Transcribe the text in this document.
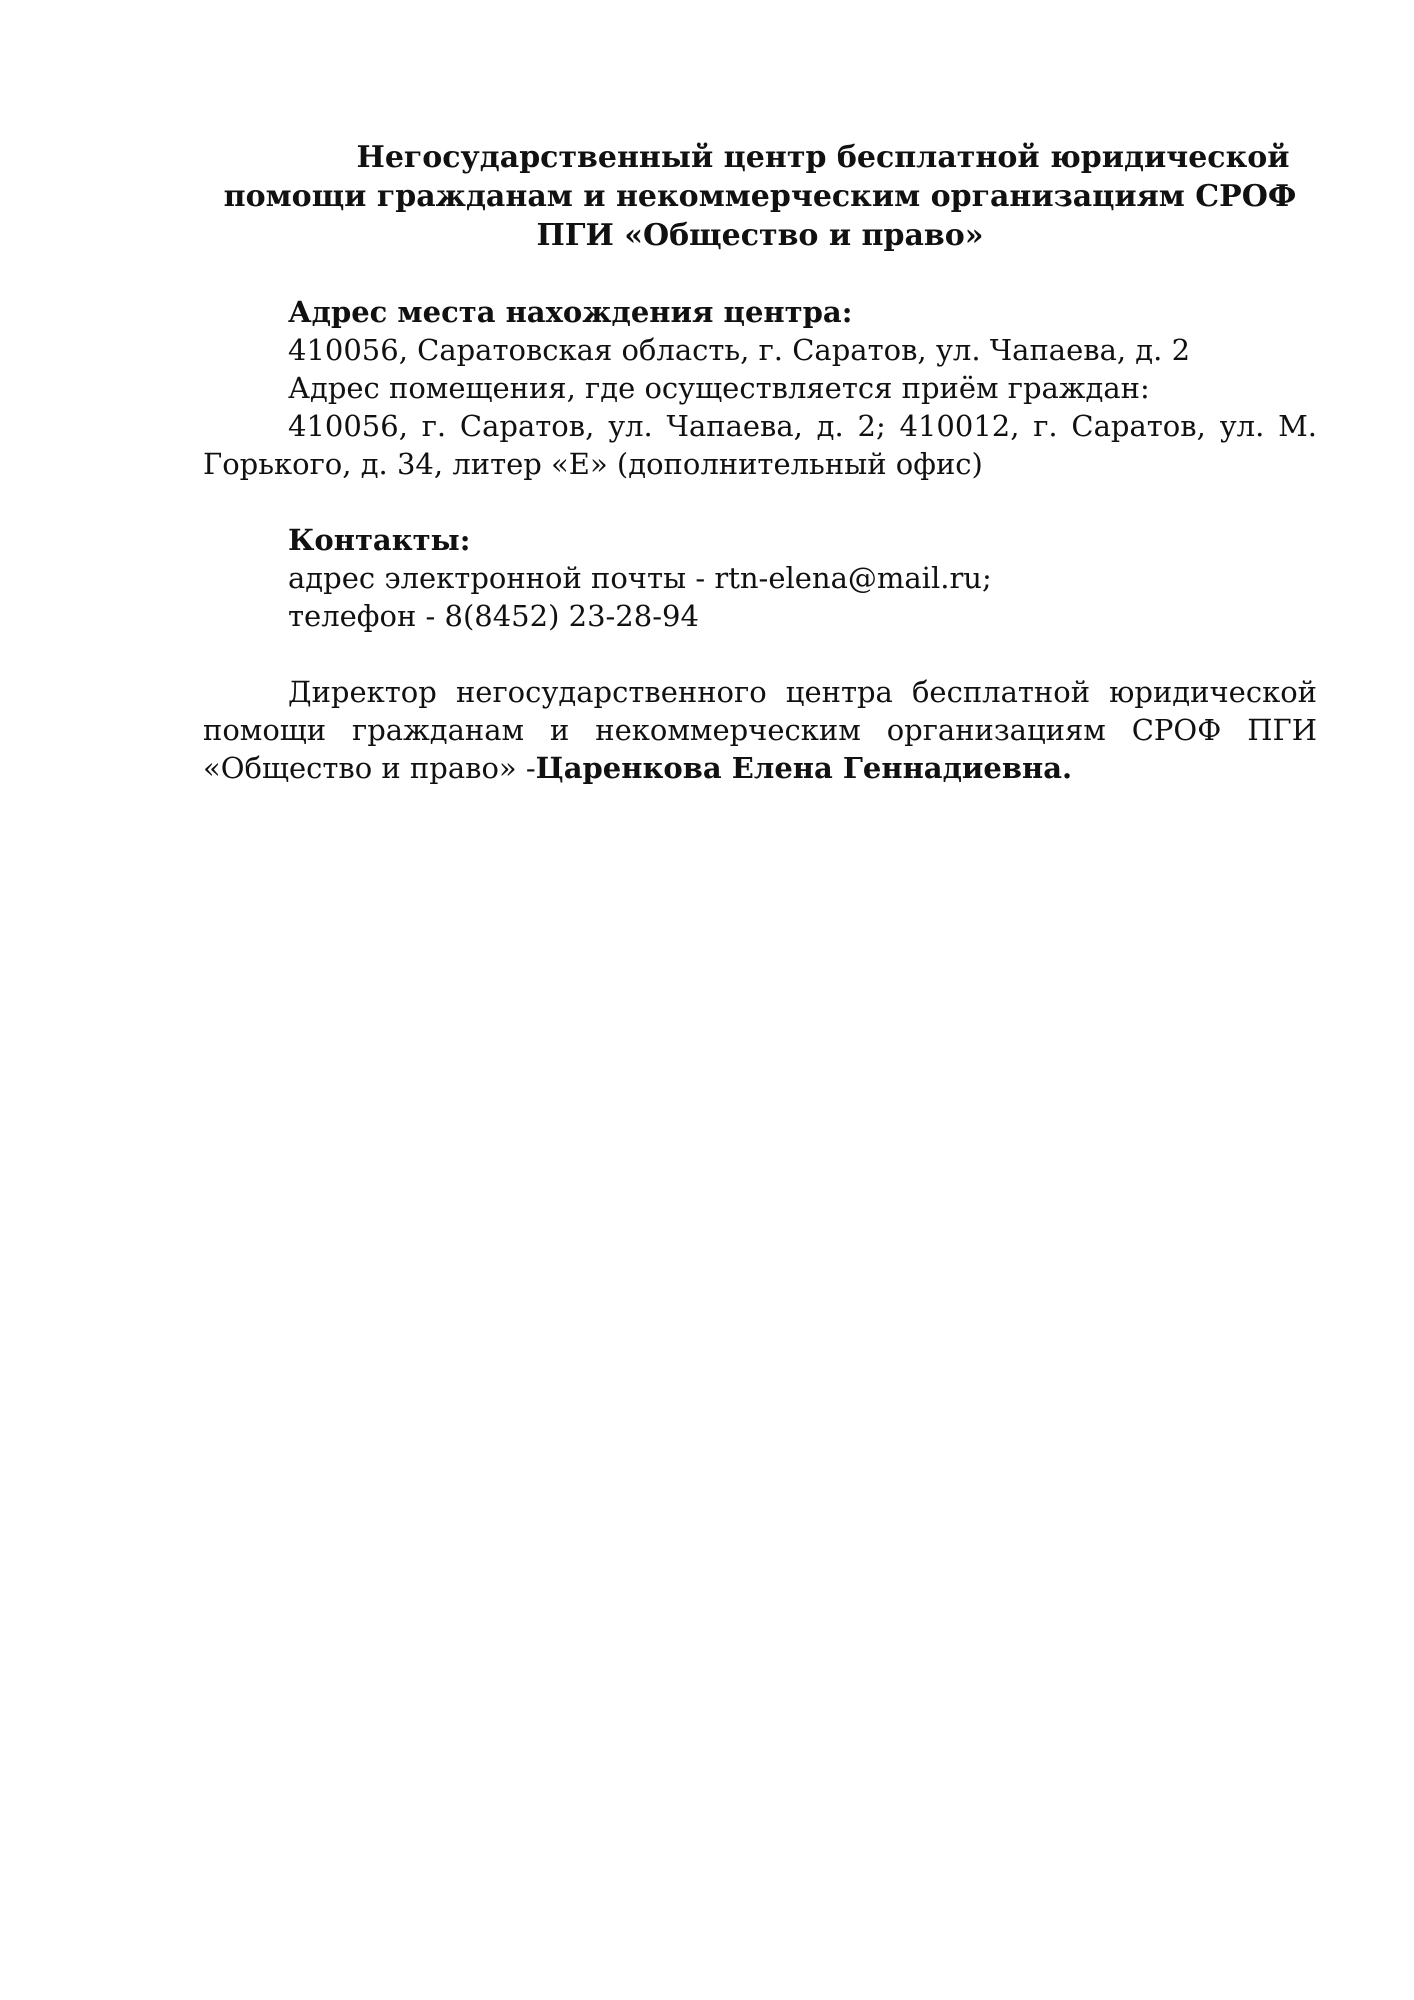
Негосударственный центр бесплатной юридической помощи гражданам и некоммерческим организациям СРОФ ПГИ «Общество и право»

Адрес места нахождения центра:

410056, Саратовская область, г. Саратов, ул. Чапаева, д. 2

Адрес помещения, где осуществляется приём граждан:

410056, г. Саратов, ул. Чапаева, д. 2; 410012, г. Саратов, ул. М. Горького, д. 34, литер «Е» (дополнительный офис)

Контакты:

адрес электронной почты - rtn-elena@mail.ru;

телефон - 8(8452) 23-28-94

Директор негосударственного центра бесплатной юридической помощи гражданам и некоммерческим организациям СРОФ ПГИ «Общество и право» -Царенкова Елена Геннадиевна.
